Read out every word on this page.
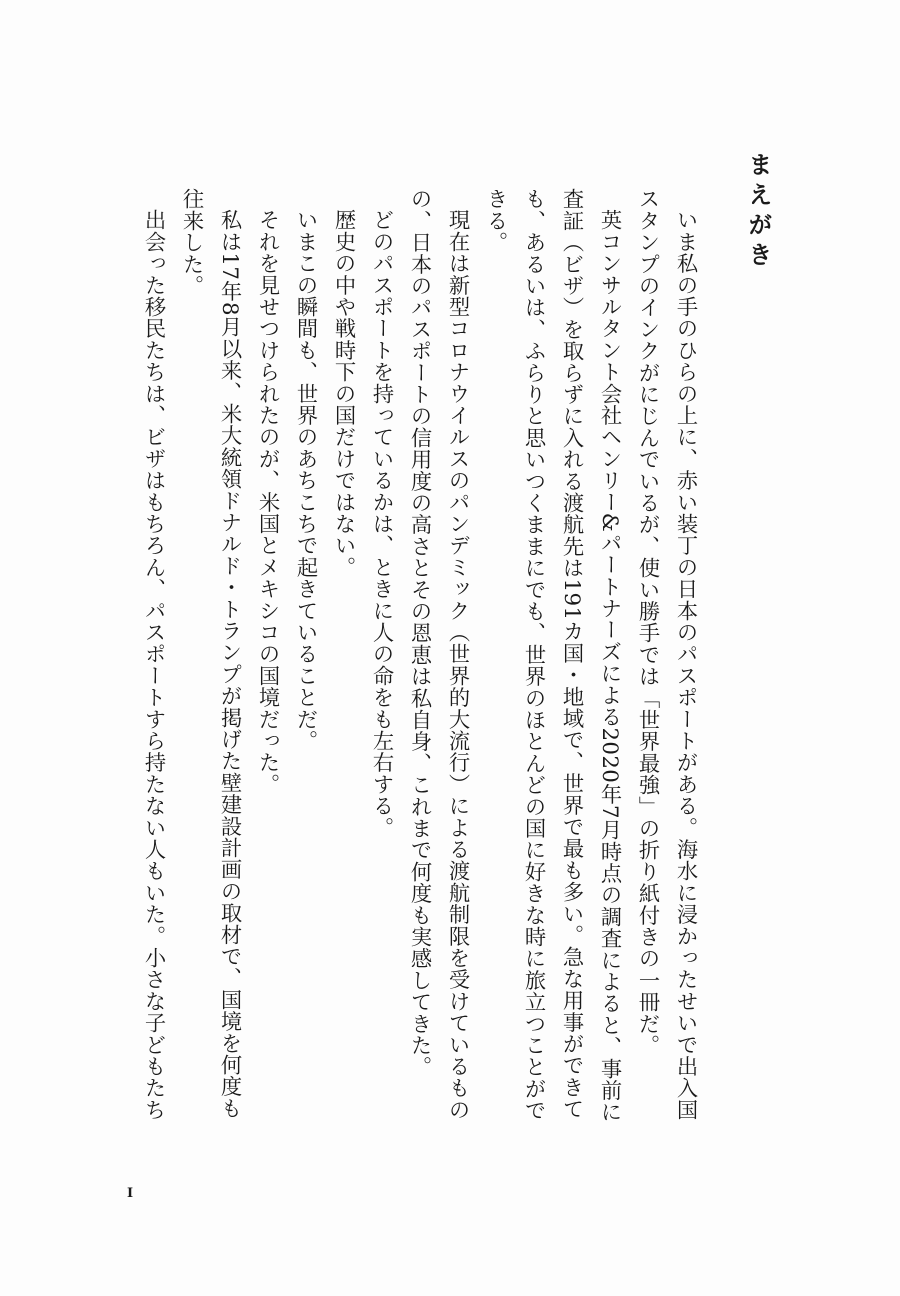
まえがき

いま私の手のひらの上に、赤い装丁の日本のパスポートがある。海水に浸かったせいで出入国スタンプのインクがにじんでいるが、使い勝手では「世界最強」の折り紙付きの一冊だ。

英コンサルタント会社ヘンリー&パートナーズによる2020年7月時点の調査によると、事前に査証（ビザ）を取らずに入れる渡航先は191カ国・地域で、世界で最も多い。急な用事ができても、あるいは、ふらりと思いつくままにでも、世界のほとんどの国に好きな時に旅立つことができる。

現在は新型コロナウイルスのパンデミック（世界的大流行）による渡航制限を受けているものの、日本のパスポートの信用度の高さとその恩恵は私自身、これまで何度も実感してきた。

どのパスポートを持っているかは、ときに人の命をも左右する。

歴史の中や戦時下の国だけではない。

いまこの瞬間も、世界のあちこちで起きていることだ。

それを見せつけられたのが、米国とメキシコの国境だった。

私は17年8月以来、米大統領ドナルド・トランプが掲げた壁建設計画の取材で、国境を何度も往来した。

出会った移民たちは、ビザはもちろん、パスポートすら持たない人もいた。小さな子どもたち

I
